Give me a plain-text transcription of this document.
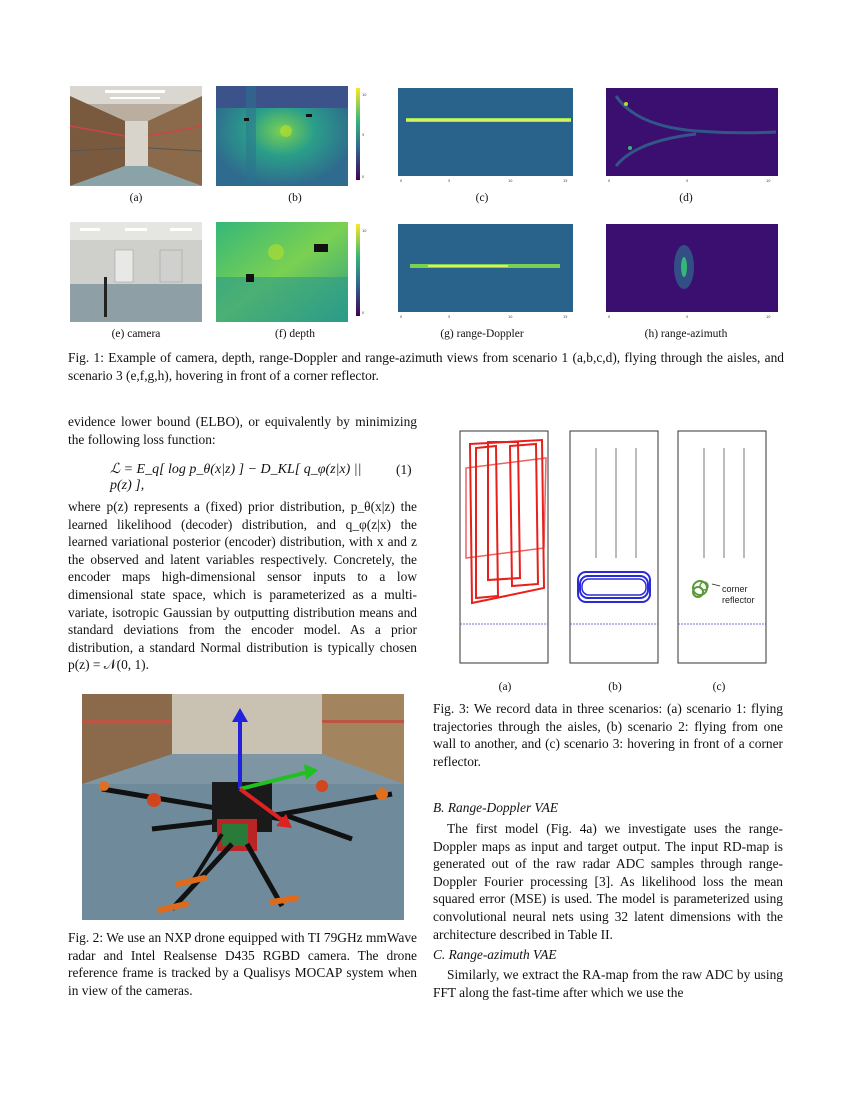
10
5
0
0	5	10	15	0	5	10
(a)	(b)	(c)	(d)
10
0
0	5	10	15	0	5	10
(e) camera	(f) depth	(g) range-Doppler	(h) range-azimuth
Fig. 1: Example of camera, depth, range-Doppler and range-azimuth views from scenario 1 (a,b,c,d), flying through the aisles, and scenario 3 (e,f,g,h), hovering in front of a corner reflector.
evidence lower bound (ELBO), or equivalently by minimizing the following loss function:
ℒ = E_q[ log p_θ(x|z) ] − D_KL[ q_φ(z|x) || p(z) ],
(1)
where p(z) represents a (fixed) prior distribution, p_θ(x|z) the learned likelihood (decoder) distribution, and q_φ(z|x) the learned variational posterior (encoder) distribution, with x and z the observed and latent variables respectively. Concretely, the encoder maps high-dimensional sensor inputs to a low dimensional state space, which is parameterized as a multi-variate, isotropic Gaussian by outputting distribution means and standard deviations from the encoder model. As a prior distribution, a standard Normal distribution is typically chosen p(z) = 𝒩(0, 1).
Fig. 2: We use an NXP drone equipped with TI 79GHz mmWave radar and Intel Realsense D435 RGBD camera. The drone reference frame is tracked by a Qualisys MOCAP system when in view of the cameras.
corner reflector
(a)	(b)	(c)
Fig. 3: We record data in three scenarios: (a) scenario 1: flying trajectories through the aisles, (b) scenario 2: flying from one wall to another, and (c) scenario 3: hovering in front of a corner reflector.
B. Range-Doppler VAE
The first model (Fig. 4a) we investigate uses the range-Doppler maps as input and target output. The input RD-map is generated out of the raw radar ADC samples through range-Doppler Fourier processing [3]. As likelihood loss the mean squared error (MSE) is used. The model is parameterized using convolutional neural nets using 32 latent dimensions with the architecture described in Table II.
C. Range-azimuth VAE
Similarly, we extract the RA-map from the raw ADC by using FFT along the fast-time after which we use the
